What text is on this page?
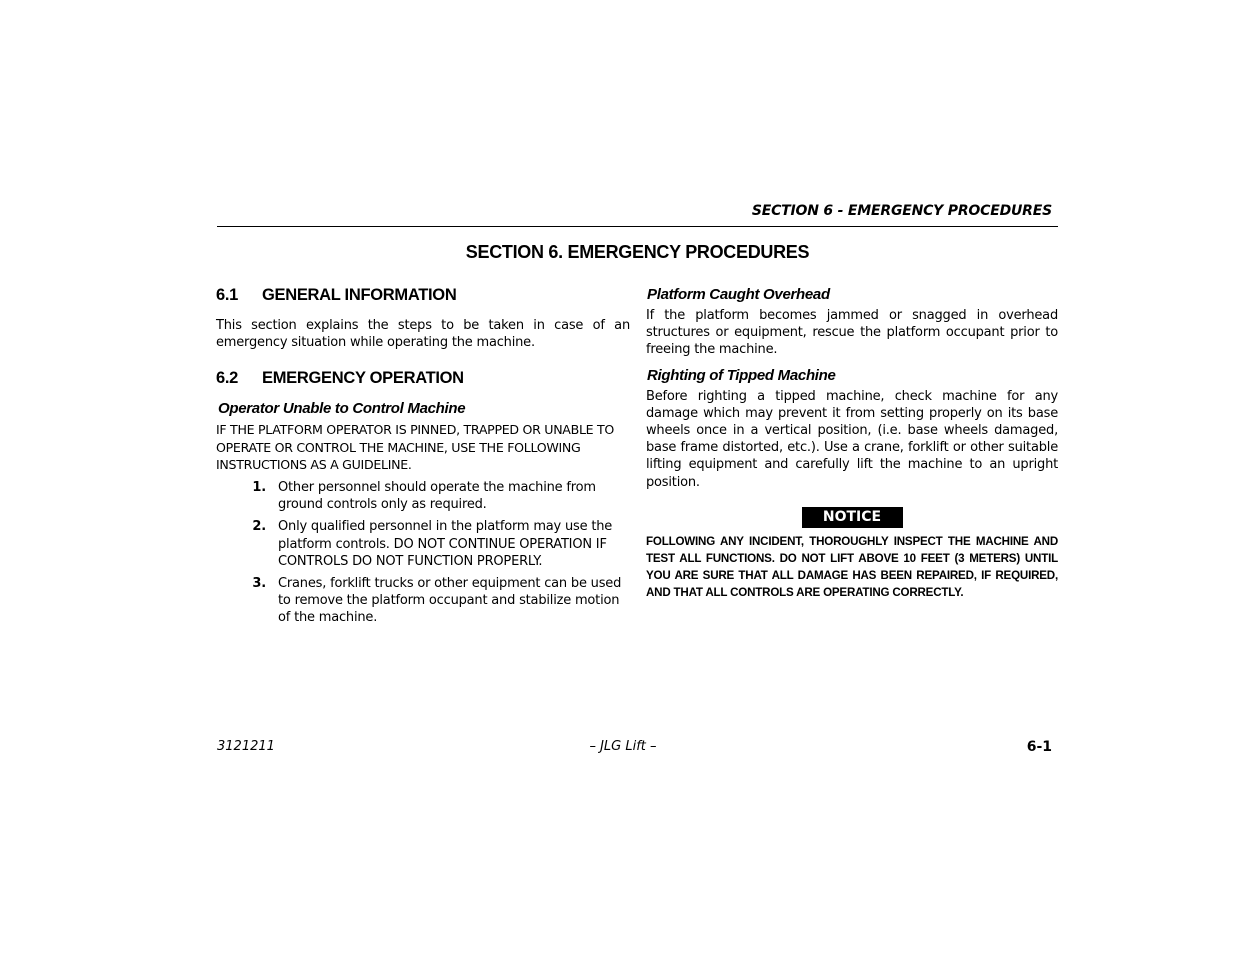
SECTION 6 - EMERGENCY PROCEDURES
SECTION 6. EMERGENCY PROCEDURES
6.1	GENERAL INFORMATION

This section explains the steps to be taken in case of an emergency situation while operating the machine.

6.2	EMERGENCY OPERATION
Operator Unable to Control Machine

IF THE PLATFORM OPERATOR IS PINNED, TRAPPED OR UNABLE TO OPERATE OR CONTROL THE MACHINE, USE THE FOLLOWING INSTRUCTIONS AS A GUIDELINE.

1. Other personnel should operate the machine from ground controls only as required.
2. Only qualified personnel in the platform may use the platform controls. DO NOT CONTINUE OPERATION IF CONTROLS DO NOT FUNCTION PROPERLY.
3. Cranes, forklift trucks or other equipment can be used to remove the platform occupant and stabilize motion of the machine.
Platform Caught Overhead

If the platform becomes jammed or snagged in overhead structures or equipment, rescue the platform occupant prior to freeing the machine.

Righting of Tipped Machine

Before righting a tipped machine, check machine for any damage which may prevent it from setting properly on its base wheels once in a vertical position, (i.e. base wheels damaged, base frame distorted, etc.). Use a crane, forklift or other suitable lifting equipment and carefully lift the machine to an upright position.

NOTICE

FOLLOWING ANY INCIDENT, THOROUGHLY INSPECT THE MACHINE AND TEST ALL FUNCTIONS. DO NOT LIFT ABOVE 10 FEET (3 METERS) UNTIL YOU ARE SURE THAT ALL DAMAGE HAS BEEN REPAIRED, IF REQUIRED, AND THAT ALL CONTROLS ARE OPERATING CORRECTLY.

3121211	– JLG Lift –	6-1
